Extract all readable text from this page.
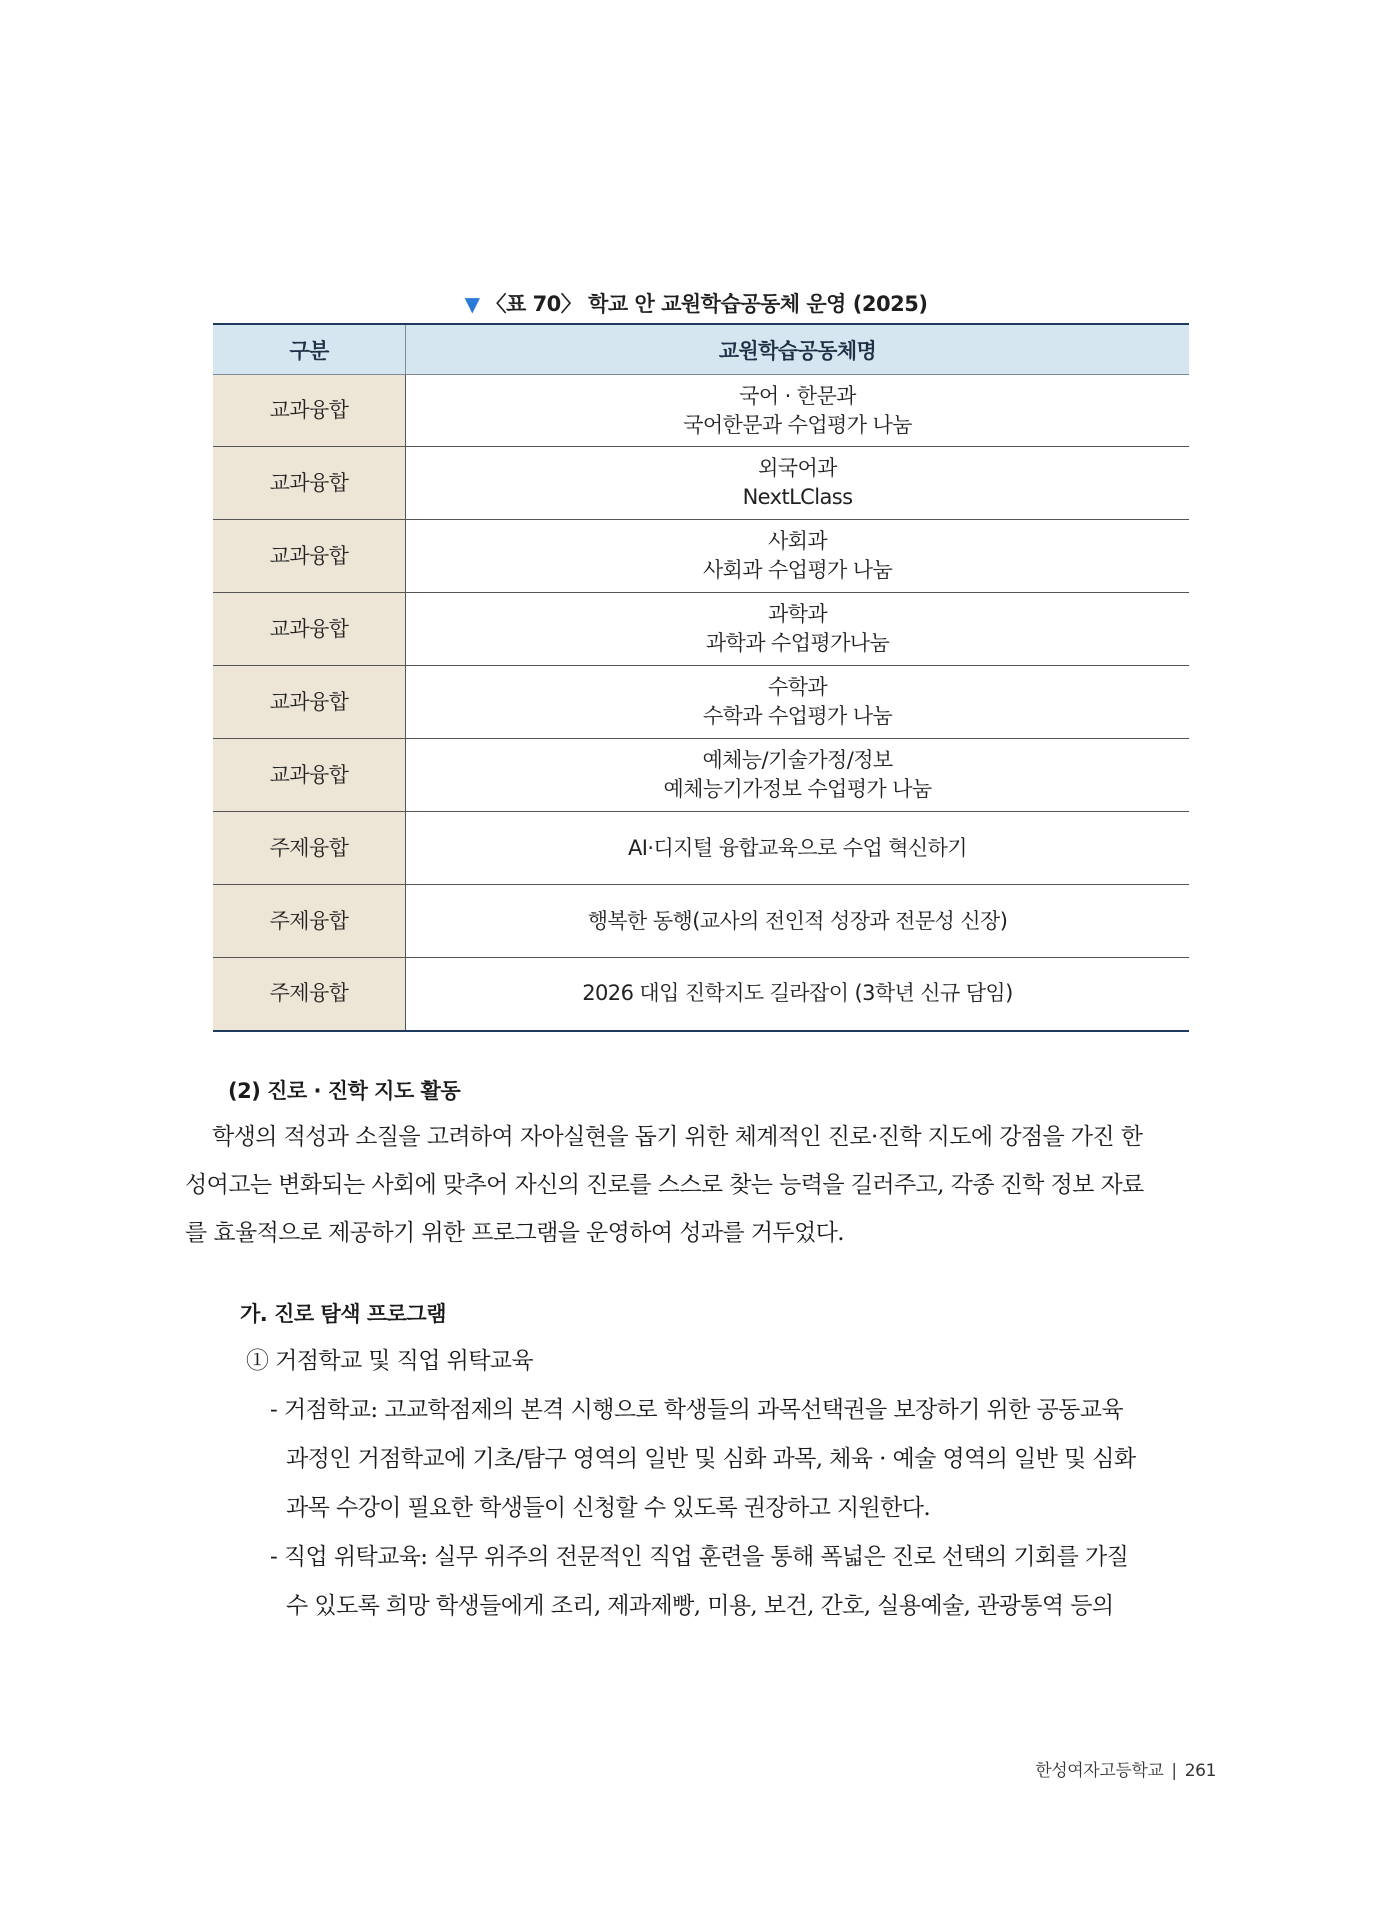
▼ 〈표 70〉 학교 안 교원학습공동체 운영 (2025)
구분	교원학습공동체명
교과융합	국어 · 한문과
국어한문과 수업평가 나눔

교과융합	외국어과
NextLClass

교과융합	사회과
사회과 수업평가 나눔

교과융합	과학과
과학과 수업평가나눔

교과융합	수학과
수학과 수업평가 나눔

교과융합	예체능/기술가정/정보
예체능기가정보 수업평가 나눔

주제융합	AI·디지털 융합교육으로 수업 혁신하기

주제융합	행복한 동행(교사의 전인적 성장과 전문성 신장)

주제융합	2026 대입 진학지도 길라잡이 (3학년 신규 담임)
(2) 진로 · 진학 지도 활동
학생의 적성과 소질을 고려하여 자아실현을 돕기 위한 체계적인 진로·진학 지도에 강점을 가진 한
성여고는 변화되는 사회에 맞추어 자신의 진로를 스스로 찾는 능력을 길러주고, 각종 진학 정보 자료
를 효율적으로 제공하기 위한 프로그램을 운영하여 성과를 거두었다.
가. 진로 탐색 프로그램
① 거점학교 및 직업 위탁교육
- 거점학교: 고교학점제의 본격 시행으로 학생들의 과목선택권을 보장하기 위한 공동교육
과정인 거점학교에 기초/탐구 영역의 일반 및 심화 과목, 체육 · 예술 영역의 일반 및 심화
과목 수강이 필요한 학생들이 신청할 수 있도록 권장하고 지원한다.
- 직업 위탁교육: 실무 위주의 전문적인 직업 훈련을 통해 폭넓은 진로 선택의 기회를 가질
수 있도록 희망 학생들에게 조리, 제과제빵, 미용, 보건, 간호, 실용예술, 관광통역 등의
한성여자고등학교 | 261
